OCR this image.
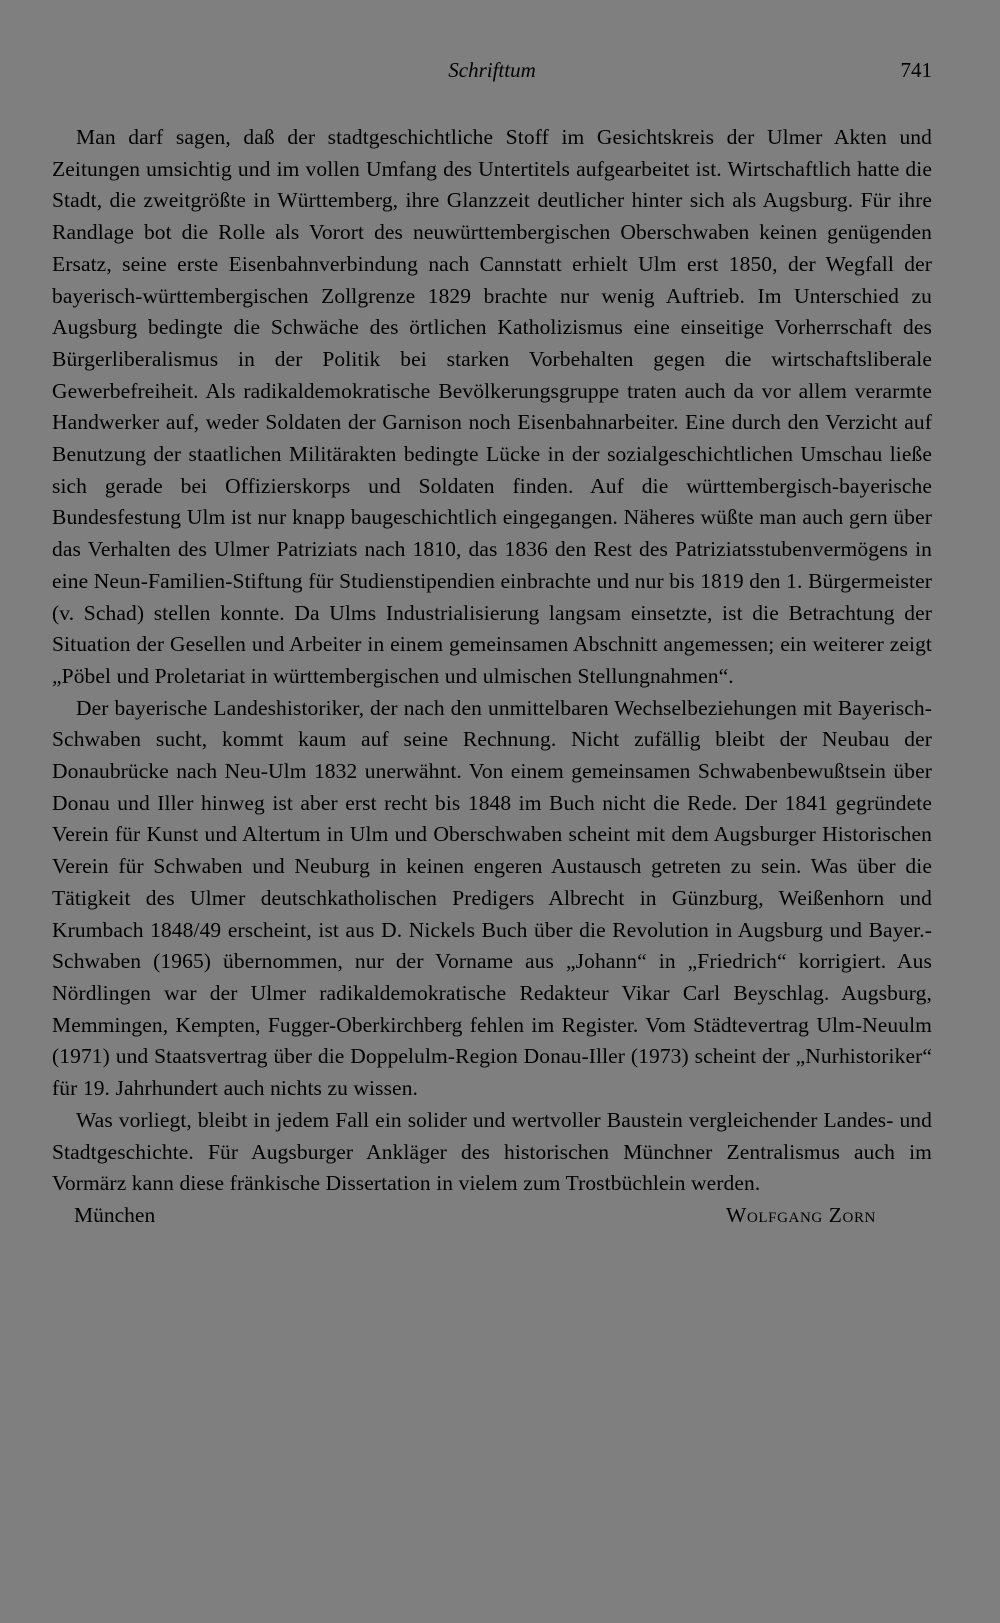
Schrifttum	741

Man darf sagen, daß der stadtgeschichtliche Stoff im Gesichtskreis der Ulmer Akten und Zeitungen umsichtig und im vollen Umfang des Untertitels aufgearbeitet ist. Wirtschaftlich hatte die Stadt, die zweitgrößte in Württemberg, ihre Glanzzeit deutlicher hinter sich als Augsburg. Für ihre Randlage bot die Rolle als Vorort des neuwürttembergischen Oberschwaben keinen genügenden Ersatz, seine erste Eisenbahnverbindung nach Cannstatt erhielt Ulm erst 1850, der Wegfall der bayerisch-württembergischen Zollgrenze 1829 brachte nur wenig Auftrieb. Im Unterschied zu Augsburg bedingte die Schwäche des örtlichen Katholizismus eine einseitige Vorherrschaft des Bürgerliberalismus in der Politik bei starken Vorbehalten gegen die wirtschaftsliberale Gewerbefreiheit. Als radikaldemokratische Bevölkerungsgruppe traten auch da vor allem verarmte Handwerker auf, weder Soldaten der Garnison noch Eisenbahnarbeiter. Eine durch den Verzicht auf Benutzung der staatlichen Militärakten bedingte Lücke in der sozialgeschichtlichen Umschau ließe sich gerade bei Offizierskorps und Soldaten finden. Auf die württembergisch-bayerische Bundesfestung Ulm ist nur knapp baugeschichtlich eingegangen. Näheres wüßte man auch gern über das Verhalten des Ulmer Patriziats nach 1810, das 1836 den Rest des Patriziatsstubenvermögens in eine Neun-Familien-Stiftung für Studienstipendien einbrachte und nur bis 1819 den 1. Bürgermeister (v. Schad) stellen konnte. Da Ulms Industrialisierung langsam einsetzte, ist die Betrachtung der Situation der Gesellen und Arbeiter in einem gemeinsamen Abschnitt angemessen; ein weiterer zeigt „Pöbel und Proletariat in württembergischen und ulmischen Stellungnahmen“.

Der bayerische Landeshistoriker, der nach den unmittelbaren Wechselbeziehungen mit Bayerisch-Schwaben sucht, kommt kaum auf seine Rechnung. Nicht zufällig bleibt der Neubau der Donaubrücke nach Neu-Ulm 1832 unerwähnt. Von einem gemeinsamen Schwabenbewußtsein über Donau und Iller hinweg ist aber erst recht bis 1848 im Buch nicht die Rede. Der 1841 gegründete Verein für Kunst und Altertum in Ulm und Oberschwaben scheint mit dem Augsburger Historischen Verein für Schwaben und Neuburg in keinen engeren Austausch getreten zu sein. Was über die Tätigkeit des Ulmer deutschkatholischen Predigers Albrecht in Günzburg, Weißenhorn und Krumbach 1848/49 erscheint, ist aus D. Nickels Buch über die Revolution in Augsburg und Bayer.-Schwaben (1965) übernommen, nur der Vorname aus „Johann“ in „Friedrich“ korrigiert. Aus Nördlingen war der Ulmer radikaldemokratische Redakteur Vikar Carl Beyschlag. Augsburg, Memmingen, Kempten, Fugger-Oberkirchberg fehlen im Register. Vom Städtevertrag Ulm-Neuulm (1971) und Staatsvertrag über die Doppelulm-Region Donau-Iller (1973) scheint der „Nurhistoriker“ für 19. Jahrhundert auch nichts zu wissen.

Was vorliegt, bleibt in jedem Fall ein solider und wertvoller Baustein vergleichender Landes- und Stadtgeschichte. Für Augsburger Ankläger des historischen Münchner Zentralismus auch im Vormärz kann diese fränkische Dissertation in vielem zum Trostbüchlein werden.

München	Wolfgang Zorn
